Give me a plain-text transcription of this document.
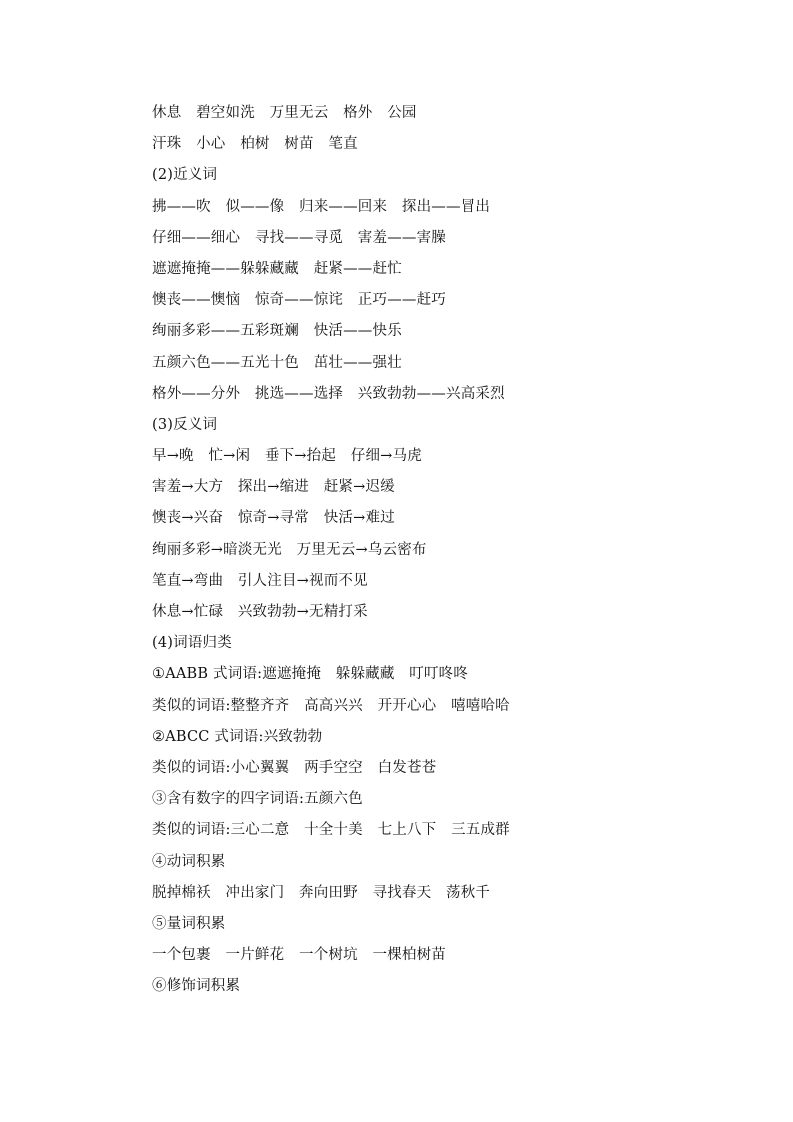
休息　碧空如洗　万里无云　格外　公园
汗珠　小心　柏树　树苗　笔直
(2)近义词
拂——吹　似——像　归来——回来　探出——冒出
仔细——细心　寻找——寻觅　害羞——害臊
遮遮掩掩——躲躲藏藏　赶紧——赶忙
懊丧——懊恼　惊奇——惊诧　正巧——赶巧
绚丽多彩——五彩斑斓　快活——快乐
五颜六色——五光十色　茁壮——强壮
格外——分外　挑选——选择　兴致勃勃——兴高采烈
(3)反义词
早→晚　忙→闲　垂下→抬起　仔细→马虎
害羞→大方　探出→缩进　赶紧→迟缓
懊丧→兴奋　惊奇→寻常　快活→难过
绚丽多彩→暗淡无光　万里无云→乌云密布
笔直→弯曲　引人注目→视而不见
休息→忙碌　兴致勃勃→无精打采
(4)词语归类
①AABB 式词语:遮遮掩掩　躲躲藏藏　叮叮咚咚
类似的词语:整整齐齐　高高兴兴　开开心心　嘻嘻哈哈
②ABCC 式词语:兴致勃勃
类似的词语:小心翼翼　两手空空　白发苍苍
③含有数字的四字词语:五颜六色
类似的词语:三心二意　十全十美　七上八下　三五成群
④动词积累
脱掉棉袄　冲出家门　奔向田野　寻找春天　荡秋千
⑤量词积累
一个包裹　一片鲜花　一个树坑　一棵柏树苗
⑥修饰词积累
